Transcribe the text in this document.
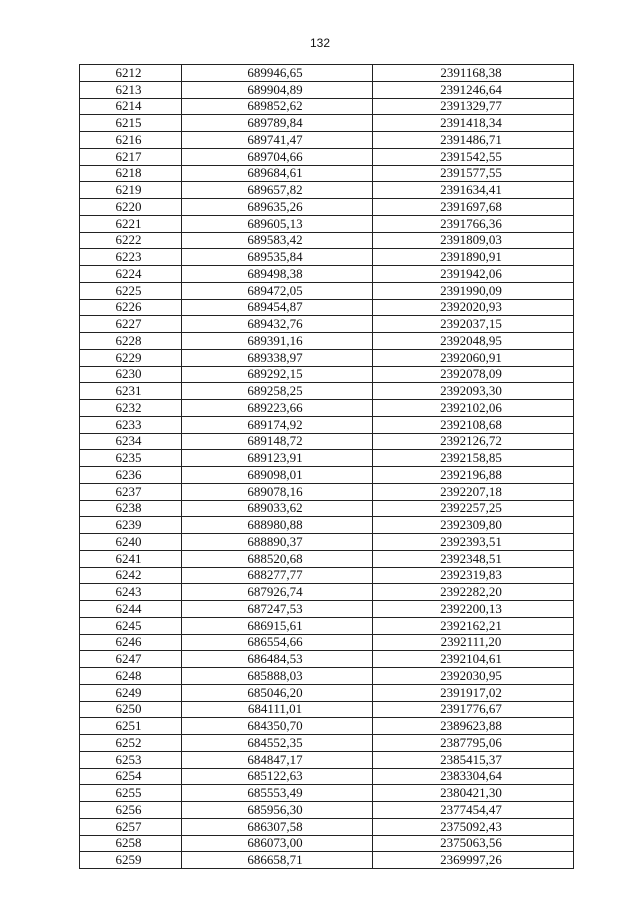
132
6212	689946,65	2391168,38
6213	689904,89	2391246,64
6214	689852,62	2391329,77
6215	689789,84	2391418,34
6216	689741,47	2391486,71
6217	689704,66	2391542,55
6218	689684,61	2391577,55
6219	689657,82	2391634,41
6220	689635,26	2391697,68
6221	689605,13	2391766,36
6222	689583,42	2391809,03
6223	689535,84	2391890,91
6224	689498,38	2391942,06
6225	689472,05	2391990,09
6226	689454,87	2392020,93
6227	689432,76	2392037,15
6228	689391,16	2392048,95
6229	689338,97	2392060,91
6230	689292,15	2392078,09
6231	689258,25	2392093,30
6232	689223,66	2392102,06
6233	689174,92	2392108,68
6234	689148,72	2392126,72
6235	689123,91	2392158,85
6236	689098,01	2392196,88
6237	689078,16	2392207,18
6238	689033,62	2392257,25
6239	688980,88	2392309,80
6240	688890,37	2392393,51
6241	688520,68	2392348,51
6242	688277,77	2392319,83
6243	687926,74	2392282,20
6244	687247,53	2392200,13
6245	686915,61	2392162,21
6246	686554,66	2392111,20
6247	686484,53	2392104,61
6248	685888,03	2392030,95
6249	685046,20	2391917,02
6250	684111,01	2391776,67
6251	684350,70	2389623,88
6252	684552,35	2387795,06
6253	684847,17	2385415,37
6254	685122,63	2383304,64
6255	685553,49	2380421,30
6256	685956,30	2377454,47
6257	686307,58	2375092,43
6258	686073,00	2375063,56
6259	686658,71	2369997,26
